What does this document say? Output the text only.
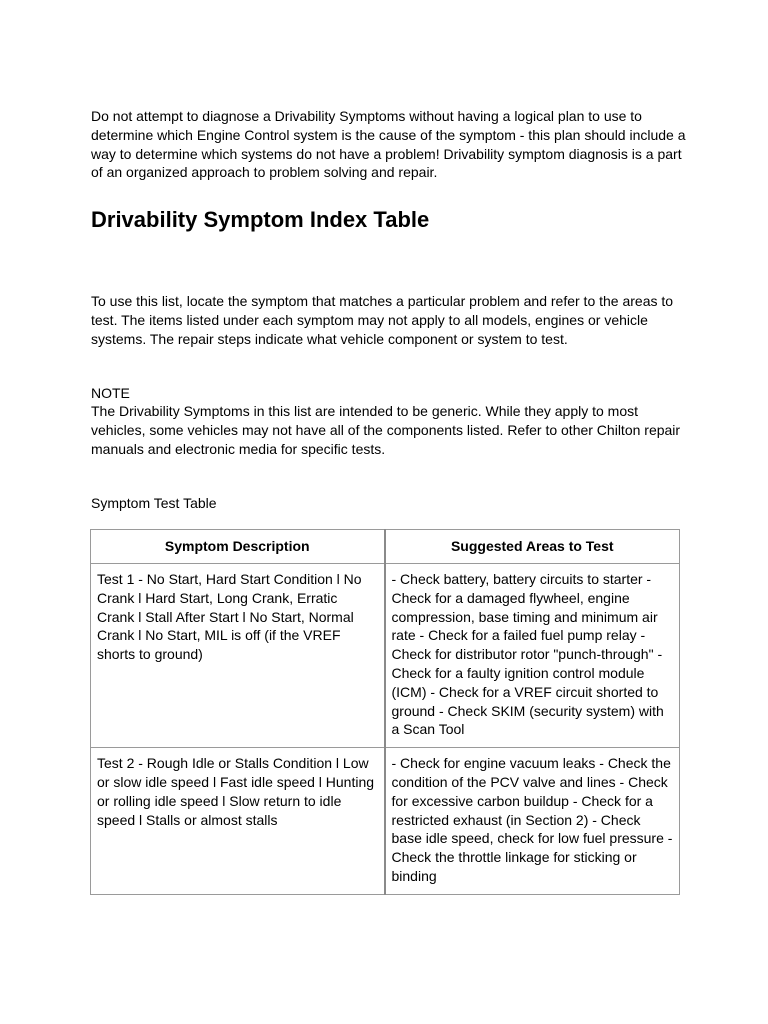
Do not attempt to diagnose a Drivability Symptoms without having a logical plan to use to determine which Engine Control system is the cause of the symptom - this plan should include a way to determine which systems do not have a problem! Drivability symptom diagnosis is a part of an organized approach to problem solving and repair.

Drivability Symptom Index Table

To use this list, locate the symptom that matches a particular problem and refer to the areas to test. The items listed under each symptom may not apply to all models, engines or vehicle systems. The repair steps indicate what vehicle component or system to test.

NOTE

The Drivability Symptoms in this list are intended to be generic. While they apply to most vehicles, some vehicles may not have all of the components listed. Refer to other Chilton repair manuals and electronic media for specific tests.

Symptom Test Table

Symptom Description	Suggested Areas to Test
Test 1 - No Start, Hard Start Condition l No Crank l Hard Start, Long Crank, Erratic Crank l Stall After Start l No Start, Normal Crank l No Start, MIL is off (if the VREF shorts to ground)	- Check battery, battery circuits to starter - Check for a damaged flywheel, engine compression, base timing and minimum air rate - Check for a failed fuel pump relay - Check for distributor rotor "punch-through" - Check for a faulty ignition control module (ICM) - Check for a VREF circuit shorted to ground - Check SKIM (security system) with a Scan Tool
Test 2 - Rough Idle or Stalls Condition l Low or slow idle speed l Fast idle speed l Hunting or rolling idle speed l Slow return to idle speed l Stalls or almost stalls	- Check for engine vacuum leaks - Check the condition of the PCV valve and lines - Check for excessive carbon buildup - Check for a restricted exhaust (in Section 2) - Check base idle speed, check for low fuel pressure - Check the throttle linkage for sticking or binding
